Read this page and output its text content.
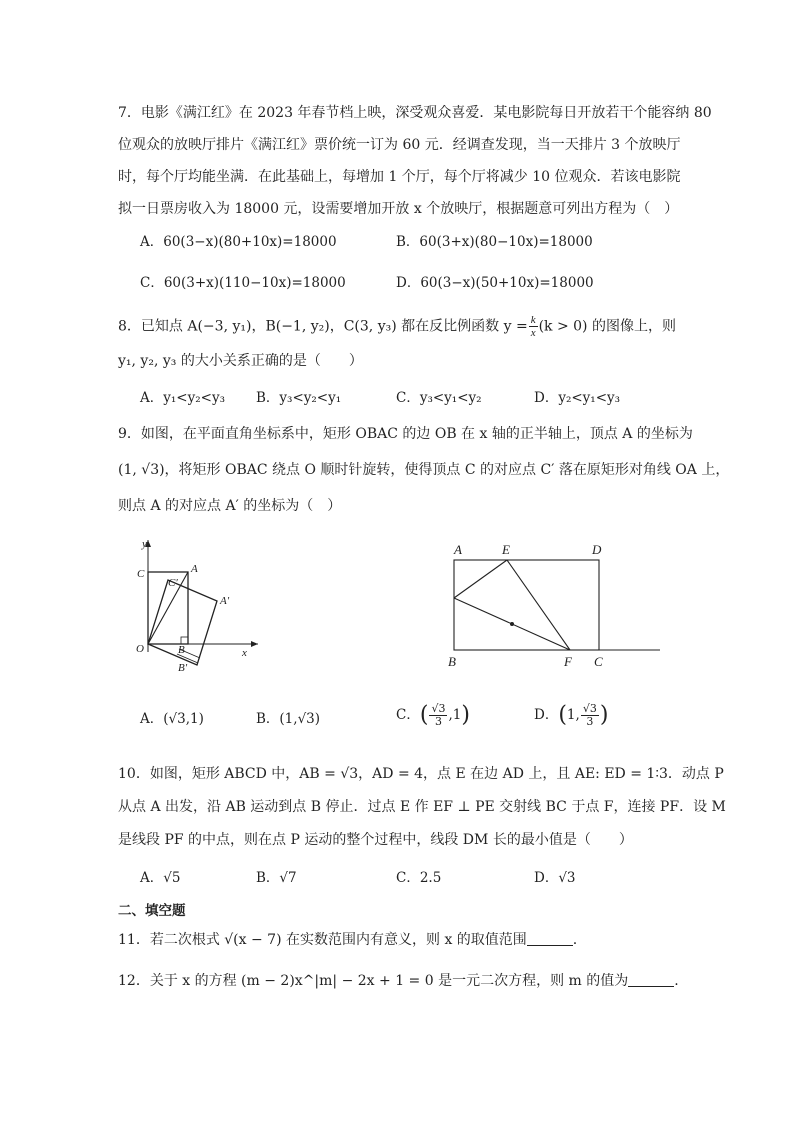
7．电影《满江红》在 2023 年春节档上映，深受观众喜爱．某电影院每日开放若干个能容纳 80
位观众的放映厅排片《满江红》票价统一订为 60 元．经调查发现，当一天排片 3 个放映厅
时，每个厅均能坐满．在此基础上，每增加 1 个厅，每个厅将减少 10 位观众．若该电影院
拟一日票房收入为 18000 元，设需要增加开放 x 个放映厅，根据题意可列出方程为（　）
A．60(3−x)(80+10x)=18000	B．60(3+x)(80−10x)=18000
C．60(3+x)(110−10x)=18000	D．60(3−x)(50+10x)=18000
8．已知点 A(−3, y₁)，B(−1, y₂)，C(3, y₃) 都在反比例函数 $y = \frac{k}{x} (k > 0)$ 的图像上，则
y₁, y₂, y₃ 的大小关系正确的是（　　）
A．y₁<y₂<y₃ B．y₃<y₂<y₁	C．y₃<y₁<y₂	D．y₂<y₁<y₃
9．如图，在平面直角坐标系中，矩形 OBAC 的边 OB 在 x 轴的正半轴上，顶点 A 的坐标为
(1, √3)，将矩形 OBAC 绕点 O 顺时针旋转，使得顶点 C 的对应点 C′ 落在原矩形对角线 OA 上，
则点 A 的对应点 A′ 的坐标为（　）
y
x
O
C
C′
A
A′
B
B′
A	E	D
B	F C
A．(√3,1)	B．(1,√3)	C．( $\frac{√3}{3} ,1$)	D．(1, $\frac{√3}{3}$ )
10．如图，矩形 ABCD 中，AB = √3，AD = 4，点 E 在边 AD 上，且 AE: ED = 1∶3．动点 P
从点 A 出发，沿 AB 运动到点 B 停止．过点 E 作 EF ⊥ PE 交射线 BC 于点 F，连接 PF．设 M
是线段 PF 的中点，则在点 P 运动的整个过程中，线段 DM 长的最小值是（　　）
A．√5	B．√7	C．2.5	D．√3
二、填空题
11．若二次根式 √(x − 7) 在实数范围内有意义，则 x 的取值范围	.
12．关于 x 的方程 (m − 2)x^|m| − 2x + 1 = 0 是一元二次方程，则 m 的值为	.
